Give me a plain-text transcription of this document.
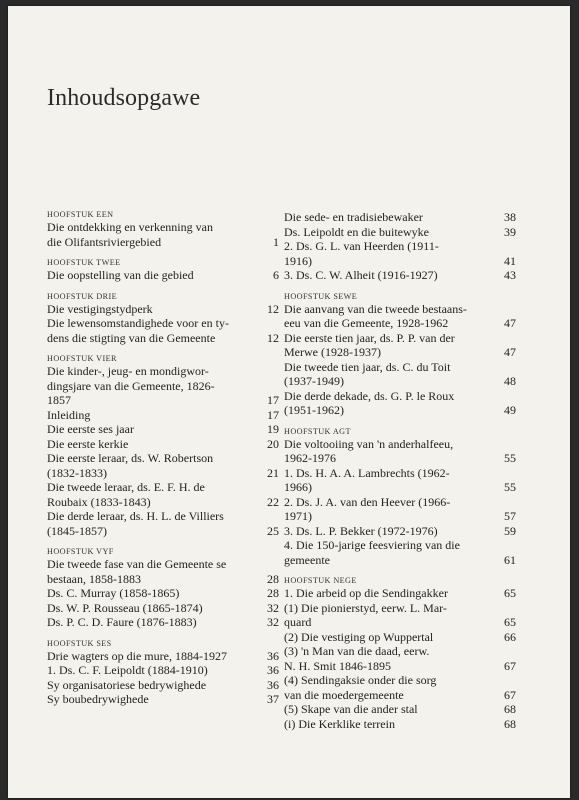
Inhoudsopgawe
HOOFSTUK EEN
Die ontdekking en verkenning van
die Olifantsriviergebied	1
HOOFSTUK TWEE
Die oopstelling van die gebied	6
HOOFSTUK DRIE
Die vestigingstydperk	12
Die lewensomstandighede voor en ty-
dens die stigting van die Gemeente	12
HOOFSTUK VIER
Die kinder-, jeug- en mondigwor-
dingsjare van die Gemeente, 1826-
1857	17
Inleiding	17
Die eerste ses jaar	19
Die eerste kerkie	20
Die eerste leraar, ds. W. Robertson
(1832-1833)	21
Die tweede leraar, ds. E. F. H. de
Roubaix (1833-1843)	22
Die derde leraar, ds. H. L. de Villiers
(1845-1857)	25
HOOFSTUK VYF
Die tweede fase van die Gemeente se
bestaan, 1858-1883	28
Ds. C. Murray (1858-1865)	28
Ds. W. P. Rousseau (1865-1874)	32
Ds. P. C. D. Faure (1876-1883)	32
HOOFSTUK SES
Drie wagters op die mure, 1884-1927	36
1. Ds. C. F. Leipoldt (1884-1910)	36
Sy organisatoriese bedrywighede	36
Sy boubedrywighede	37
Die sede- en tradisiebewaker	38
Ds. Leipoldt en die buitewyke	39
2. Ds. G. L. van Heerden (1911-
1916)	41
3. Ds. C. W. Alheit (1916-1927)	43
HOOFSTUK SEWE
Die aanvang van die tweede bestaans-
eeu van die Gemeente, 1928-1962	47
Die eerste tien jaar, ds. P. P. van der
Merwe (1928-1937)	47
Die tweede tien jaar, ds. C. du Toit
(1937-1949)	48
Die derde dekade, ds. G. P. le Roux
(1951-1962)	49
HOOFSTUK AGT
Die voltooiing van 'n anderhalfeeu,
1962-1976	55
1. Ds. H. A. A. Lambrechts (1962-
1966)	55
2. Ds. J. A. van den Heever (1966-
1971)	57
3. Ds. L. P. Bekker (1972-1976)	59
4. Die 150-jarige feesviering van die
gemeente	61
HOOFSTUK NEGE
1. Die arbeid op die Sendingakker	65
(1) Die pionierstyd, eerw. L. Mar-
quard	65
(2) Die vestiging op Wuppertal	66
(3) 'n Man van die daad, eerw.
N. H. Smit 1846-1895	67
(4) Sendingaksie onder die sorg
van die moedergemeente	67
(5) Skape van die ander stal	68
(i) Die Kerklike terrein	68
